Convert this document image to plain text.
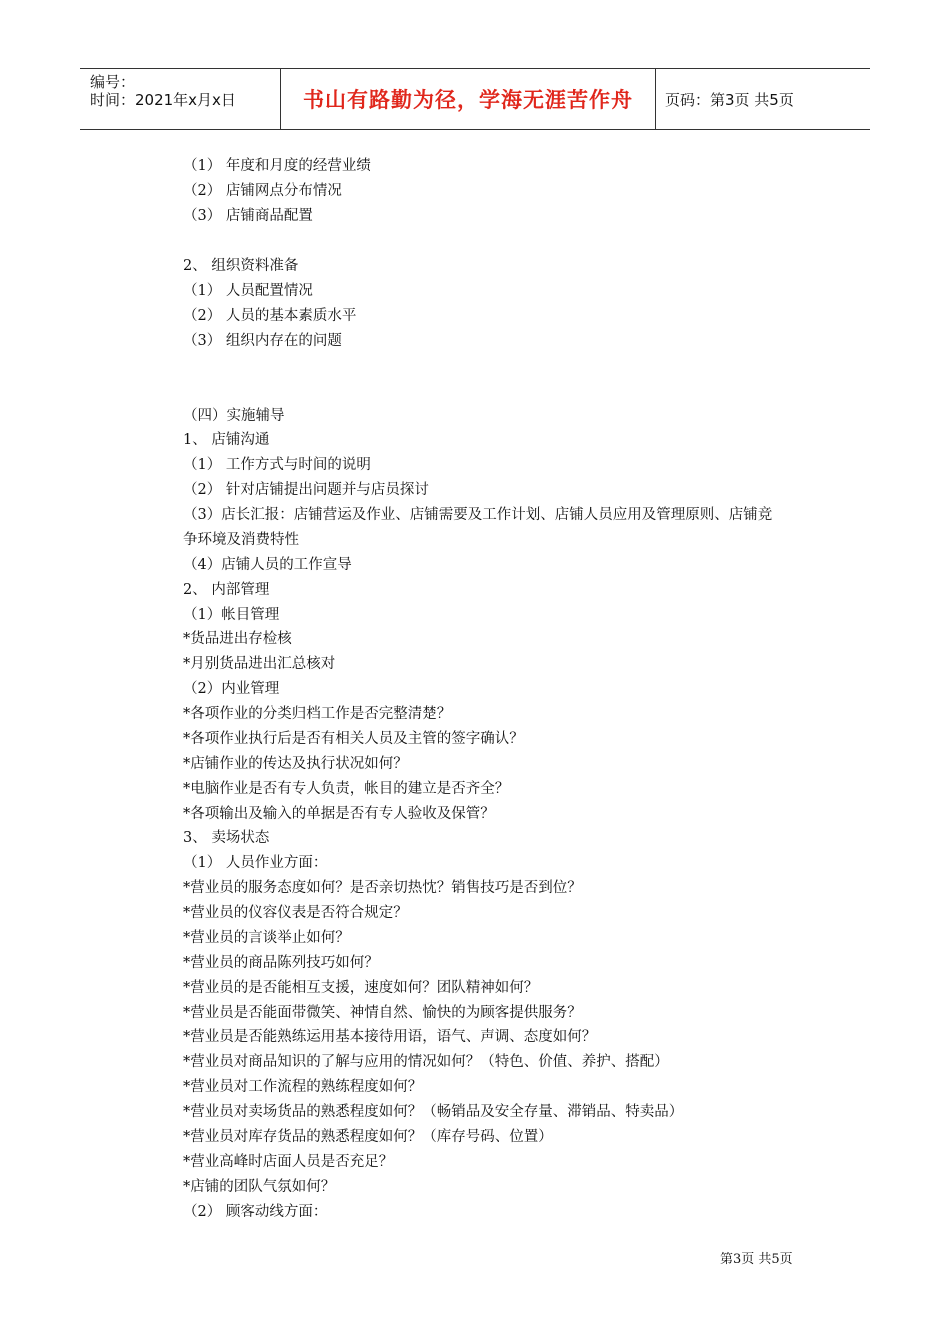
编号：
时间：2021年x月x日	书山有路勤为径，学海无涯苦作舟 页码：第3页 共5页
（1） 年度和月度的经营业绩
（2） 店铺网点分布情况
（3） 店铺商品配置
2、 组织资料准备
（1） 人员配置情况
（2） 人员的基本素质水平
（3） 组织内存在的问题
（四）实施辅导
1、 店铺沟通
（1） 工作方式与时间的说明
（2） 针对店铺提出问题并与店员探讨
（3）店长汇报：店铺营运及作业、店铺需要及工作计划、店铺人员应用及管理原则、店铺竞
争环境及消费特性
（4）店铺人员的工作宣导
2、 内部管理
（1）帐目管理
*货品进出存检核
*月别货品进出汇总核对
（2）内业管理
*各项作业的分类归档工作是否完整清楚？
*各项作业执行后是否有相关人员及主管的签字确认？
*店铺作业的传达及执行状况如何？
*电脑作业是否有专人负责，帐目的建立是否齐全？
*各项输出及输入的单据是否有专人验收及保管？
3、 卖场状态
（1） 人员作业方面：
*营业员的服务态度如何？是否亲切热忱？销售技巧是否到位？
*营业员的仪容仪表是否符合规定？
*营业员的言谈举止如何？
*营业员的商品陈列技巧如何？
*营业员的是否能相互支援，速度如何？团队精神如何？
*营业员是否能面带微笑、神情自然、愉快的为顾客提供服务？
*营业员是否能熟练运用基本接待用语，语气、声调、态度如何？
*营业员对商品知识的了解与应用的情况如何？（特色、价值、养护、搭配）
*营业员对工作流程的熟练程度如何？
*营业员对卖场货品的熟悉程度如何？（畅销品及安全存量、滞销品、特卖品）
*营业员对库存货品的熟悉程度如何？（库存号码、位置）
*营业高峰时店面人员是否充足？
*店铺的团队气氛如何？
（2） 顾客动线方面：
第3页 共5页
